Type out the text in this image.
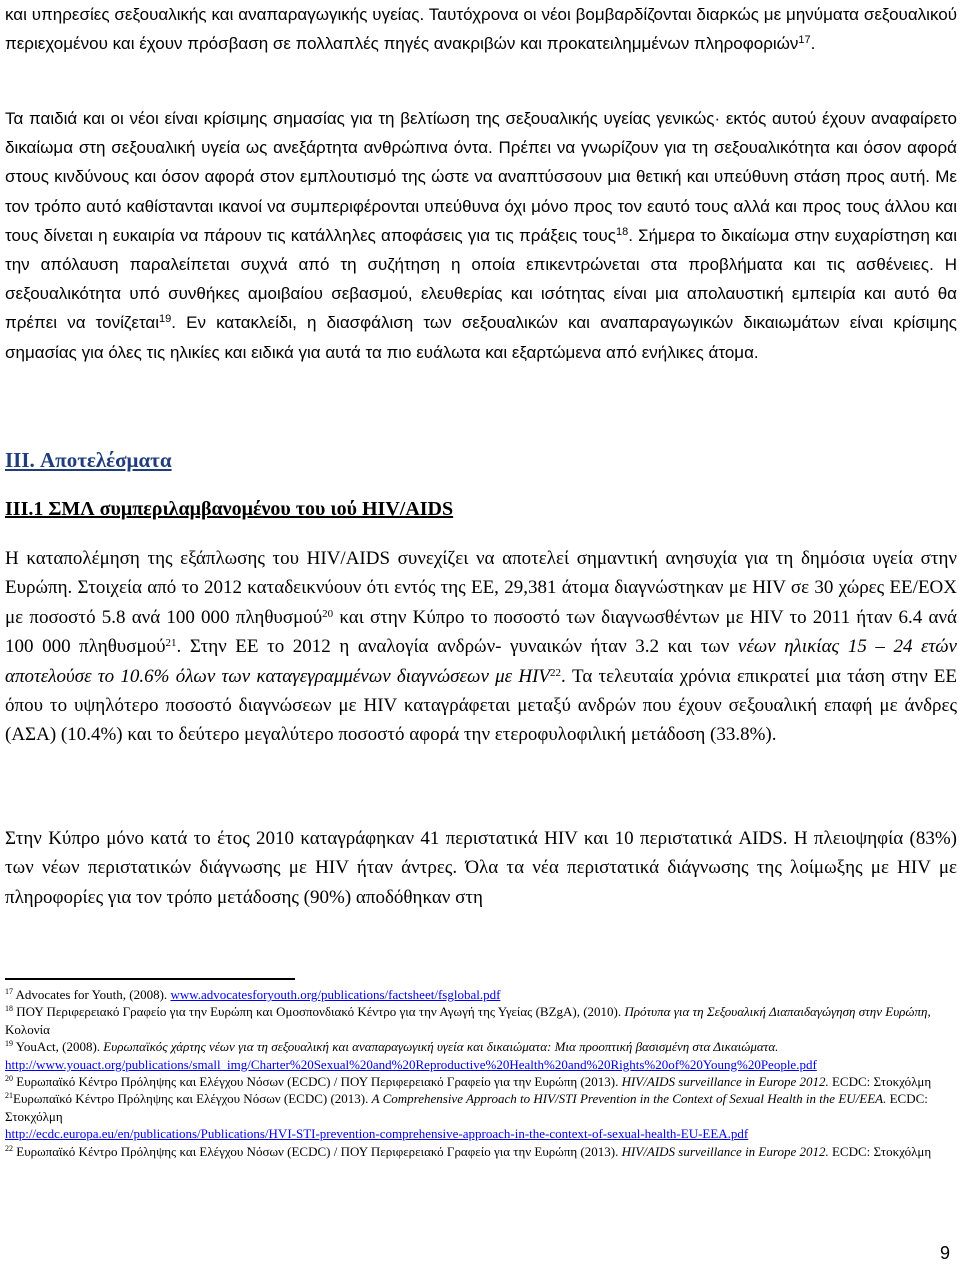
και υπηρεσίες σεξουαλικής και αναπαραγωγικής υγείας. Ταυτόχρονα οι νέοι βομβαρδίζονται διαρκώς με μηνύματα σεξουαλικού περιεχομένου και έχουν πρόσβαση σε πολλαπλές πηγές ανακριβών και προκατειλημμένων πληροφοριών$^{17}$.

Τα παιδιά και οι νέοι είναι κρίσιμης σημασίας για τη βελτίωση της σεξουαλικής υγείας γενικώς· εκτός αυτού έχουν αναφαίρετο δικαίωμα στη σεξουαλική υγεία ως ανεξάρτητα ανθρώπινα όντα. Πρέπει να γνωρίζουν για τη σεξουαλικότητα και όσον αφορά στους κινδύνους και όσον αφορά στον εμπλουτισμό της ώστε να αναπτύσσουν μια θετική και υπεύθυνη στάση προς αυτή. Με τον τρόπο αυτό καθίστανται ικανοί να συμπεριφέρονται υπεύθυνα όχι μόνο προς τον εαυτό τους αλλά και προς τους άλλου και τους δίνεται η ευκαιρία να πάρουν τις κατάλληλες αποφάσεις για τις πράξεις τους$^{18}$. Σήμερα το δικαίωμα στην ευχαρίστηση και την απόλαυση παραλείπεται συχνά από τη συζήτηση η οποία επικεντρώνεται στα προβλήματα και τις ασθένειες. Η σεξουαλικότητα υπό συνθήκες αμοιβαίου σεβασμού, ελευθερίας και ισότητας είναι μια απολαυστική εμπειρία και αυτό θα πρέπει να τονίζεται$^{19}$. Εν κατακλείδι, η διασφάλιση των σεξουαλικών και αναπαραγωγικών δικαιωμάτων είναι κρίσιμης σημασίας για όλες τις ηλικίες και ειδικά για αυτά τα πιο ευάλωτα και εξαρτώμενα από ενήλικες άτομα.

III. Αποτελέσματα
III.1 ΣΜΛ συμπεριλαμβανομένου του ιού HIV/AIDS

Η καταπολέμηση της εξάπλωσης του HIV/AIDS συνεχίζει να αποτελεί σημαντική ανησυχία για τη δημόσια υγεία στην Ευρώπη. Στοιχεία από το 2012 καταδεικνύουν ότι εντός της ΕΕ, 29,381 άτομα διαγνώστηκαν με HIV σε 30 χώρες ΕΕ/ΕΟΧ με ποσοστό 5.8 ανά 100 000 πληθυσμού$^{20}$ και στην Κύπρο το ποσοστό των διαγνωσθέντων με HIV το 2011 ήταν 6.4 ανά 100 000 πληθυσμού$^{21}$. Στην ΕΕ το 2012 η αναλογία ανδρών- γυναικών ήταν 3.2 και των νέων ηλικίας 15 – 24 ετών αποτελούσε το 10.6% όλων των καταγεγραμμένων διαγνώσεων με HIV$^{22}$. Τα τελευταία χρόνια επικρατεί μια τάση στην ΕΕ όπου το υψηλότερο ποσοστό διαγνώσεων με HIV καταγράφεται μεταξύ ανδρών που έχουν σεξουαλική επαφή με άνδρες (ΑΣΑ) (10.4%) και το δεύτερο μεγαλύτερο ποσοστό αφορά την ετεροφυλοφιλική μετάδοση (33.8%).

Στην Κύπρο μόνο κατά το έτος 2010 καταγράφηκαν 41 περιστατικά HIV και 10 περιστατικά AIDS. Η πλειοψηφία (83%) των νέων περιστατικών διάγνωσης με HIV ήταν άντρες. Όλα τα νέα περιστατικά διάγνωσης της λοίμωξης με HIV με πληροφορίες για τον τρόπο μετάδοσης (90%) αποδόθηκαν στη

$^{17}$ Advocates for Youth, (2008). www.advocatesforyouth.org/publications/factsheet/fsglobal.pdf
$^{18}$ ΠΟΥ Περιφερειακό Γραφείο για την Ευρώπη και Ομοσπονδιακό Κέντρο για την Αγωγή της Υγείας (BZgA), (2010). Πρότυπα για τη Σεξουαλική Διαπαιδαγώγηση στην Ευρώπη, Κολονία
$^{19}$ YouAct, (2008). Ευρωπαϊκός χάρτης νέων για τη σεξουαλική και αναπαραγωγική υγεία και δικαιώματα: Μια προοπτική βασισμένη στα Δικαιώματα.
http://www.youact.org/publications/small_img/Charter%20Sexual%20and%20Reproductive%20Health%20and%20Rights%20of%20Young%20People.pdf
$^{20}$ Ευρωπαϊκό Κέντρο Πρόληψης και Ελέγχου Νόσων (ECDC) / ΠΟΥ Περιφερειακό Γραφείο για την Ευρώπη (2013). HIV/AIDS surveillance in Europe 2012. ECDC: Στοκχόλμη
$^{21}$Ευρωπαϊκό Κέντρο Πρόληψης και Ελέγχου Νόσων (ECDC) (2013). A Comprehensive Approach to HIV/STI Prevention in the Context of Sexual Health in the EU/EEA. ECDC: Στοκχόλμη
http://ecdc.europa.eu/en/publications/Publications/HVI-STI-prevention-comprehensive-approach-in-the-context-of-sexual-health-EU-EEA.pdf
$^{22}$ Ευρωπαϊκό Κέντρο Πρόληψης και Ελέγχου Νόσων (ECDC) / ΠΟΥ Περιφερειακό Γραφείο για την Ευρώπη (2013). HIV/AIDS surveillance in Europe 2012. ECDC: Στοκχόλμη
9
